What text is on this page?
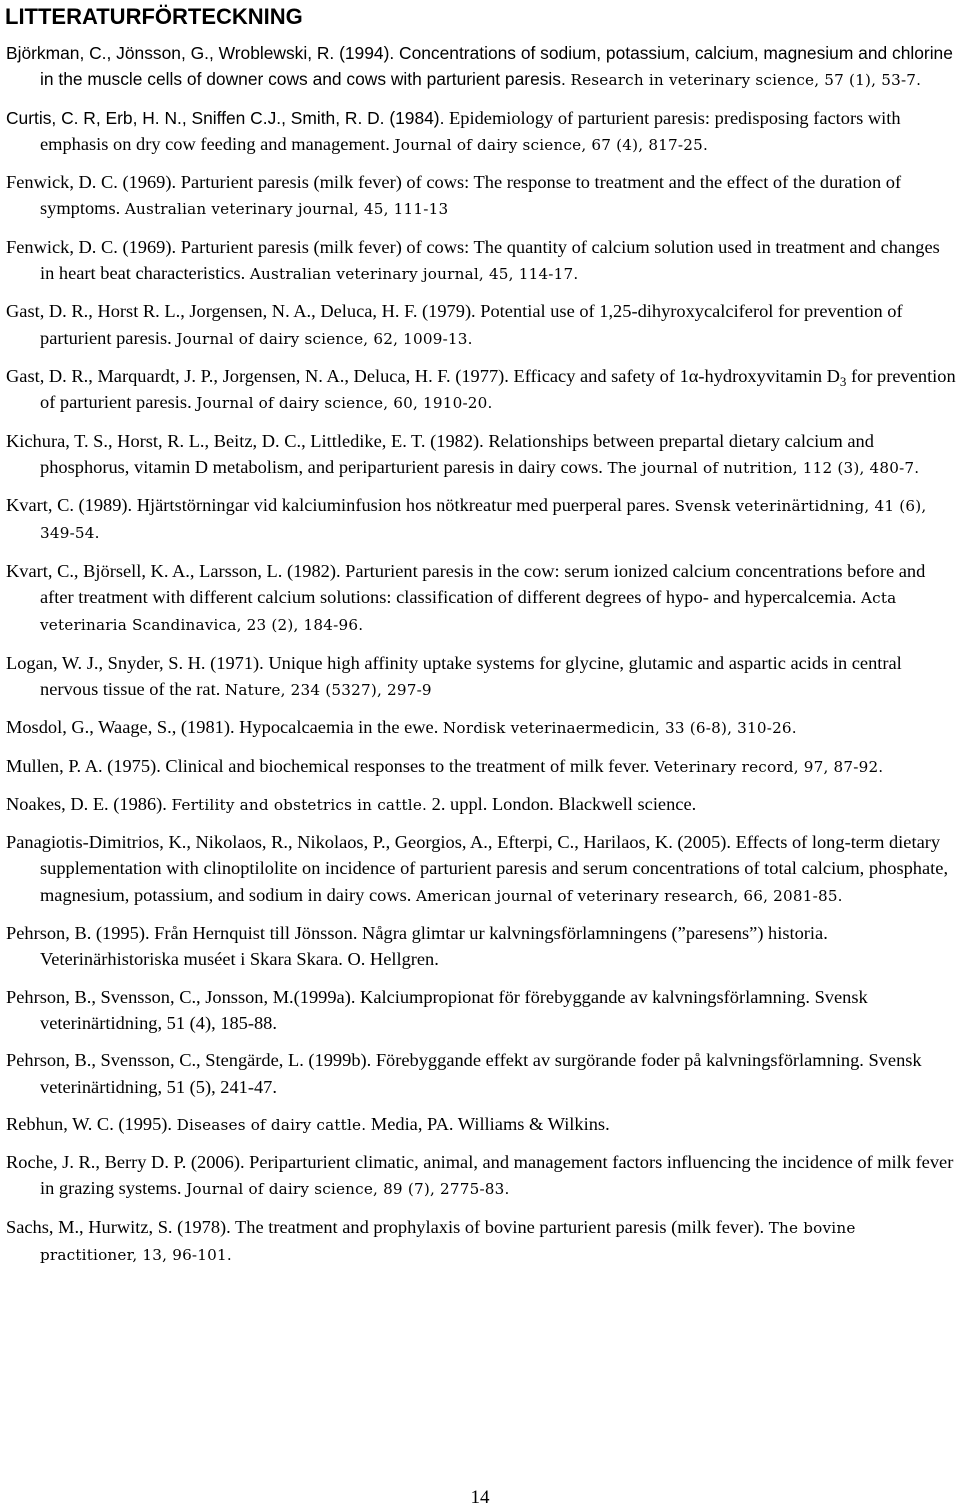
LITTERATURFÖRTECKNING
Björkman, C., Jönsson, G., Wroblewski, R. (1994). Concentrations of sodium, potassium, calcium, magnesium and chlorine in the muscle cells of downer cows and cows with parturient paresis. Research in veterinary science, 57 (1), 53-7.
Curtis, C. R, Erb, H. N., Sniffen C.J., Smith, R. D. (1984). Epidemiology of parturient paresis: predisposing factors with emphasis on dry cow feeding and management. Journal of dairy science, 67 (4), 817-25.
Fenwick, D. C. (1969). Parturient paresis (milk fever) of cows: The response to treatment and the effect of the duration of symptoms. Australian veterinary journal, 45, 111-13
Fenwick, D. C. (1969). Parturient paresis (milk fever) of cows: The quantity of calcium solution used in treatment and changes in heart beat characteristics. Australian veterinary journal, 45, 114-17.
Gast, D. R., Horst R. L., Jorgensen, N. A., Deluca, H. F. (1979). Potential use of 1,25-dihyroxycalciferol for prevention of parturient paresis. Journal of dairy science, 62, 1009-13.
Gast, D. R., Marquardt, J. P., Jorgensen, N. A., Deluca, H. F. (1977). Efficacy and safety of 1α-hydroxyvitamin $D_3$ for prevention of parturient paresis. Journal of dairy science, 60, 1910-20.
Kichura, T. S., Horst, R. L., Beitz, D. C., Littledike, E. T. (1982). Relationships between prepartal dietary calcium and phosphorus, vitamin D metabolism, and periparturient paresis in dairy cows. The journal of nutrition, 112 (3), 480-7.
Kvart, C. (1989). Hjärtstörningar vid kalciuminfusion hos nötkreatur med puerperal pares. Svensk veterinärtidning, 41 (6), 349-54.
Kvart, C., Björsell, K. A., Larsson, L. (1982). Parturient paresis in the cow: serum ionized calcium concentrations before and after treatment with different calcium solutions: classification of different degrees of hypo- and hypercalcemia. Acta veterinaria Scandinavica, 23 (2), 184-96.
Logan, W. J., Snyder, S. H. (1971). Unique high affinity uptake systems for glycine, glutamic and aspartic acids in central nervous tissue of the rat. Nature, 234 (5327), 297-9
Mosdol, G., Waage, S., (1981). Hypocalcaemia in the ewe. Nordisk veterinaermedicin, 33 (6-8), 310-26.
Mullen, P. A. (1975). Clinical and biochemical responses to the treatment of milk fever. Veterinary record, 97, 87-92.
Noakes, D. E. (1986). Fertility and obstetrics in cattle. 2. uppl. London. Blackwell science.
Panagiotis-Dimitrios, K., Nikolaos, R., Nikolaos, P., Georgios, A., Efterpi, C., Harilaos, K. (2005). Effects of long-term dietary supplementation with clinoptilolite on incidence of parturient paresis and serum concentrations of total calcium, phosphate, magnesium, potassium, and sodium in dairy cows. American journal of veterinary research, 66, 2081-85.
Pehrson, B. (1995). Från Hernquist till Jönsson. Några glimtar ur kalvningsförlamningens (”paresens”) historia. Veterinärhistoriska muséet i Skara Skara. O. Hellgren.
Pehrson, B., Svensson, C., Jonsson, M.(1999a). Kalciumpropionat för förebyggande av kalvningsförlamning. Svensk veterinärtidning, 51 (4), 185-88.
Pehrson, B., Svensson, C., Stengärde, L. (1999b). Förebyggande effekt av surgörande foder på kalvningsförlamning. Svensk veterinärtidning, 51 (5), 241-47.
Rebhun, W. C. (1995). Diseases of dairy cattle. Media, PA. Williams & Wilkins.
Roche, J. R., Berry D. P. (2006). Periparturient climatic, animal, and management factors influencing the incidence of milk fever in grazing systems. Journal of dairy science, 89 (7), 2775-83.
Sachs, M., Hurwitz, S. (1978). The treatment and prophylaxis of bovine parturient paresis (milk fever). The bovine practitioner, 13, 96-101.
14
